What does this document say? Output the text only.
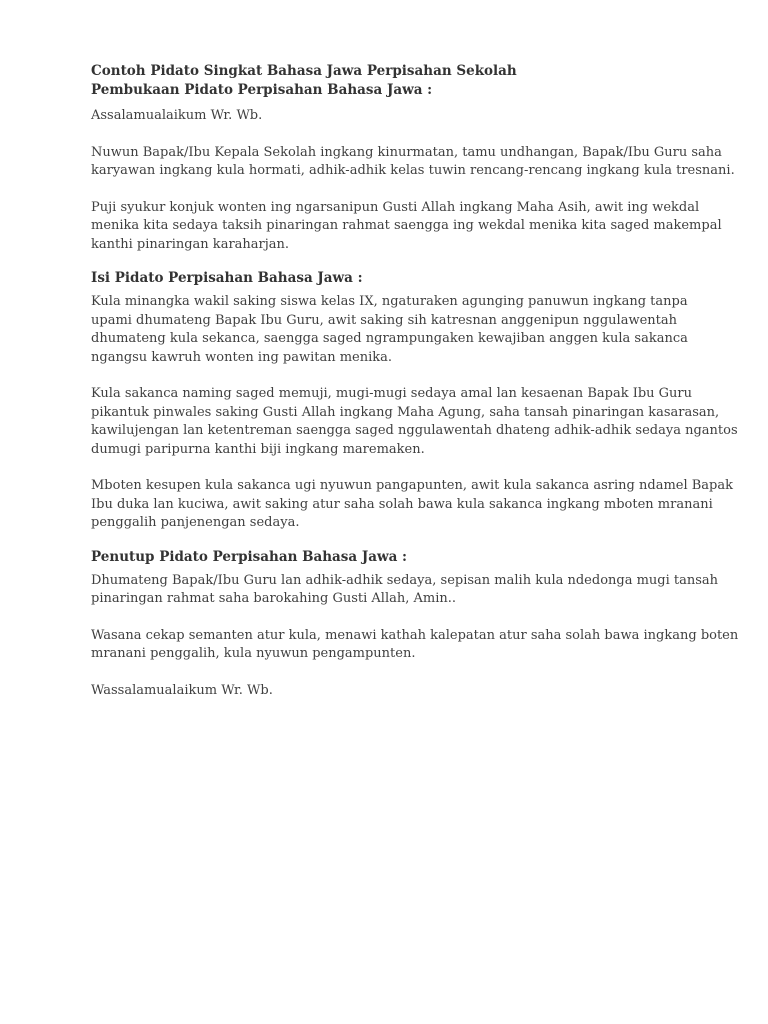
Contoh Pidato Singkat Bahasa Jawa Perpisahan Sekolah

Pembukaan Pidato Perpisahan Bahasa Jawa :

Assalamualaikum Wr. Wb.

Nuwun Bapak/Ibu Kepala Sekolah ingkang kinurmatan, tamu undhangan, Bapak/Ibu Guru saha
karyawan ingkang kula hormati, adhik-adhik kelas tuwin rencang-rencang ingkang kula tresnani.

Puji syukur konjuk wonten ing ngarsanipun Gusti Allah ingkang Maha Asih, awit ing wekdal
menika kita sedaya taksih pinaringan rahmat saengga ing wekdal menika kita saged makempal
kanthi pinaringan karaharjan.

Isi Pidato Perpisahan Bahasa Jawa :

Kula minangka wakil saking siswa kelas IX, ngaturaken agunging panuwun ingkang tanpa
upami dhumateng Bapak Ibu Guru, awit saking sih katresnan anggenipun nggulawentah
dhumateng kula sekanca, saengga saged ngrampungaken kewajiban anggen kula sakanca
ngangsu kawruh wonten ing pawitan menika.

Kula sakanca naming saged memuji, mugi-mugi sedaya amal lan kesaenan Bapak Ibu Guru
pikantuk pinwales saking Gusti Allah ingkang Maha Agung, saha tansah pinaringan kasarasan,
kawilujengan lan ketentreman saengga saged nggulawentah dhateng adhik-adhik sedaya ngantos
dumugi paripurna kanthi biji ingkang maremaken.

Mboten kesupen kula sakanca ugi nyuwun pangapunten, awit kula sakanca asring ndamel Bapak
Ibu duka lan kuciwa, awit saking atur saha solah bawa kula sakanca ingkang mboten mranani
penggalih panjenengan sedaya.

Penutup Pidato Perpisahan Bahasa Jawa :

Dhumateng Bapak/Ibu Guru lan adhik-adhik sedaya, sepisan malih kula ndedonga mugi tansah
pinaringan rahmat saha barokahing Gusti Allah, Amin..

Wasana cekap semanten atur kula, menawi kathah kalepatan atur saha solah bawa ingkang boten
mranani penggalih, kula nyuwun pengampunten.

Wassalamualaikum Wr. Wb.
